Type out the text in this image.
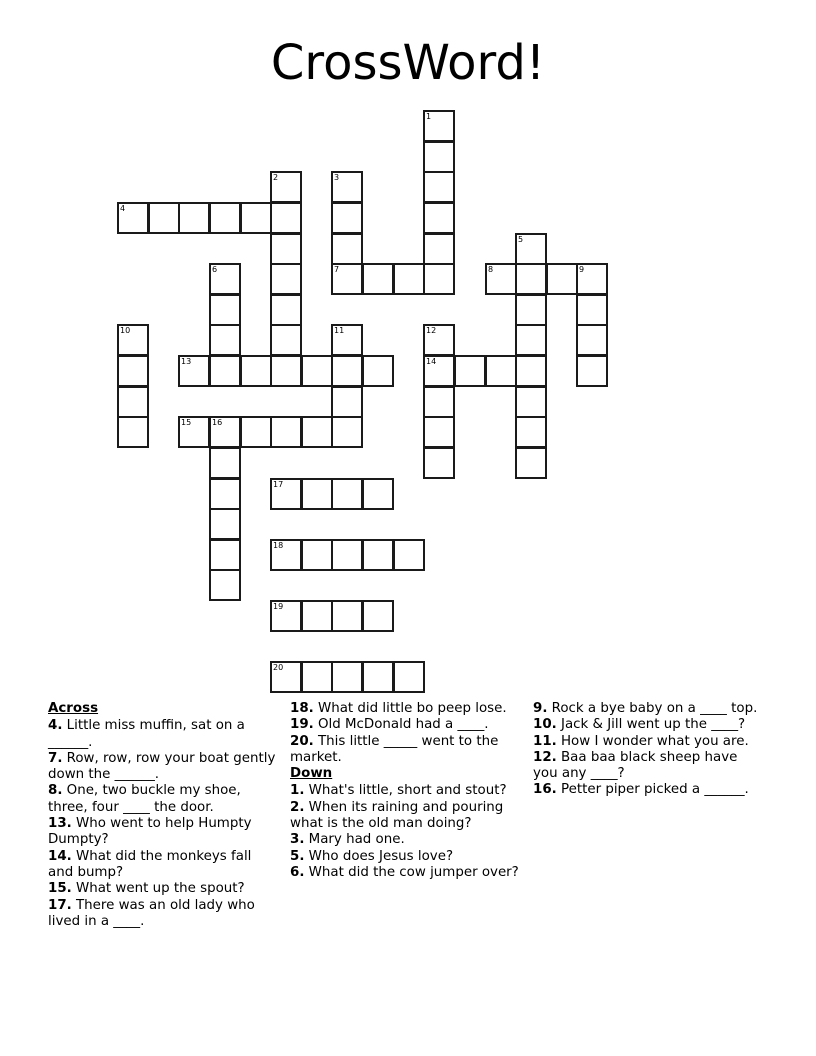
CrossWord!
1
2	3
7
4
5
6	8	9
10	11	12
14
13
15	16
17
18
19
20
Across
4. Little miss muffin, sat on a ______.
7. Row, row, row your boat gently down the ______.
8. One, two buckle my shoe, three, four ____ the door.
13. Who went to help Humpty Dumpty?
14. What did the monkeys fall and bump?
15. What went up the spout?
17. There was an old lady who lived in a ____.
18. What did little bo peep lose.
19. Old McDonald had a ____.
20. This little _____ went to the market.
Down
1. What's little, short and stout?
2. When its raining and pouring what is the old man doing?
3. Mary had one.
5. Who does Jesus love?
6. What did the cow jumper over?
9. Rock a bye baby on a ____ top.
10. Jack & Jill went up the ____?
11. How I wonder what you are.
12. Baa baa black sheep have you any ____?
16. Petter piper picked a ______.
